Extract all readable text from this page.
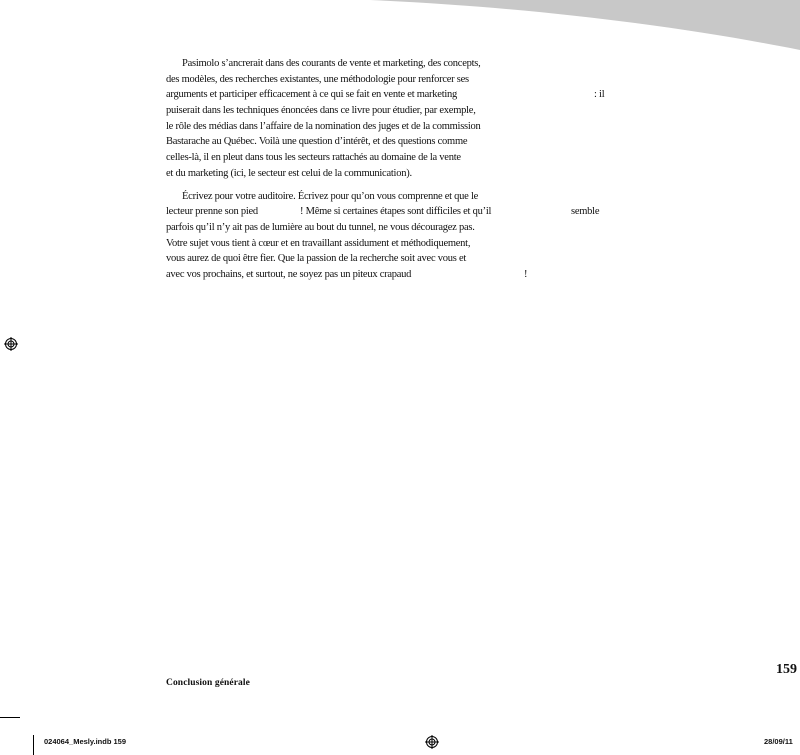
Pasimolo s’ancrerait dans des courants de vente et marketing, des concepts,
des modèles, des recherches existantes, une méthodologie pour renforcer ses
arguments et participer efficacement à ce qui se fait en vente et marketing	: il
puiserait dans les techniques énoncées dans ce livre pour étudier, par exemple,
le rôle des médias dans l’affaire de la nomination des juges et de la commission
Bastarache au Québec. Voilà une question d’intérêt, et des questions comme
celles-là, il en pleut dans tous les secteurs rattachés au domaine de la vente
et du marketing (ici, le secteur est celui de la communication).
Écrivez pour votre auditoire. Écrivez pour qu’on vous comprenne et que le
lecteur prenne son pied	! Même si certaines étapes sont difficiles et qu’il	semble
parfois qu’il n’y ait pas de lumière au bout du tunnel, ne vous découragez pas.
Votre sujet vous tient à cœur et en travaillant assidument et méthodiquement,
vous aurez de quoi être fier. Que la passion de la recherche soit avec vous et
avec vos prochains, et surtout, ne soyez pas un piteux crapaud	!
Conclusion générale
159
024064_Mesly.indb 159	28/09/11
